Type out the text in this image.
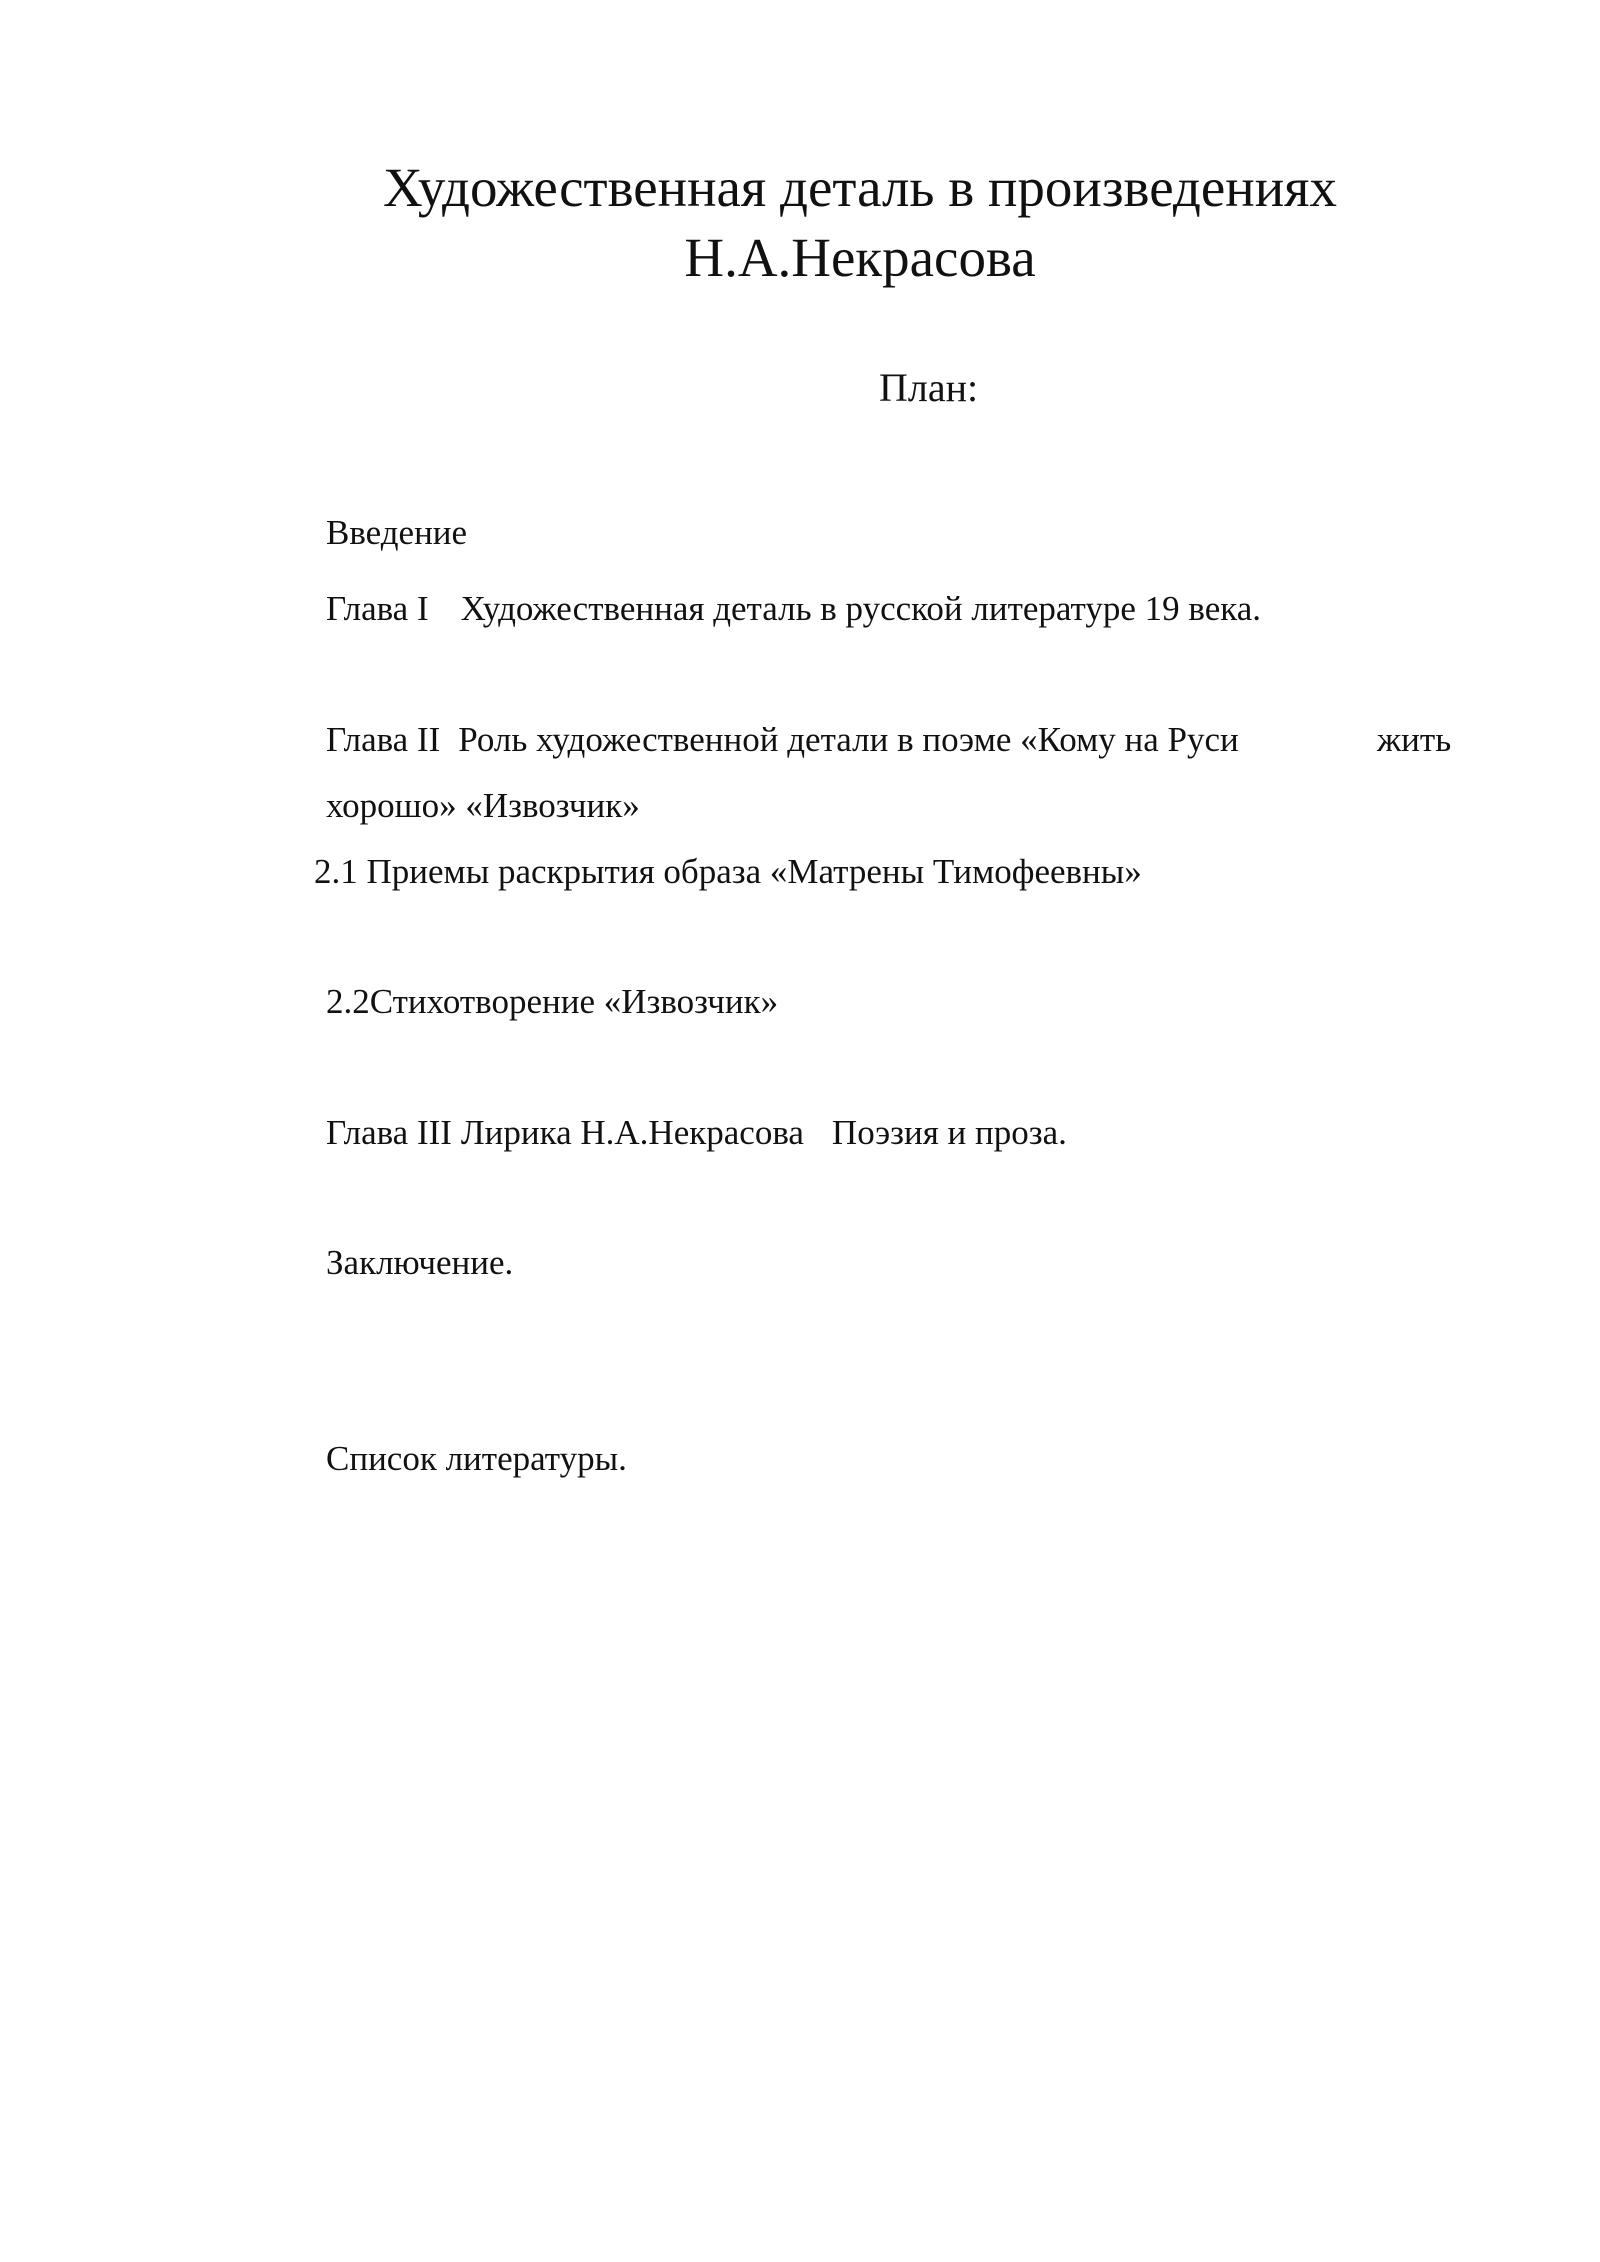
Художественная деталь в произведениях
Н.А.Некрасова
План:
Введение
Глава I Художественная деталь в русской литературе 19 века.
Глава II Роль художественной детали в поэме «Кому на Руси	жить
хорошо» «Извозчик»
2.1 Приемы раскрытия образа «Матрены Тимофеевны»
2.2Стихотворение «Извозчик»
Глава III Лирика Н.А.Некрасова Поэзия и проза.
Заключение.
Список литературы.
